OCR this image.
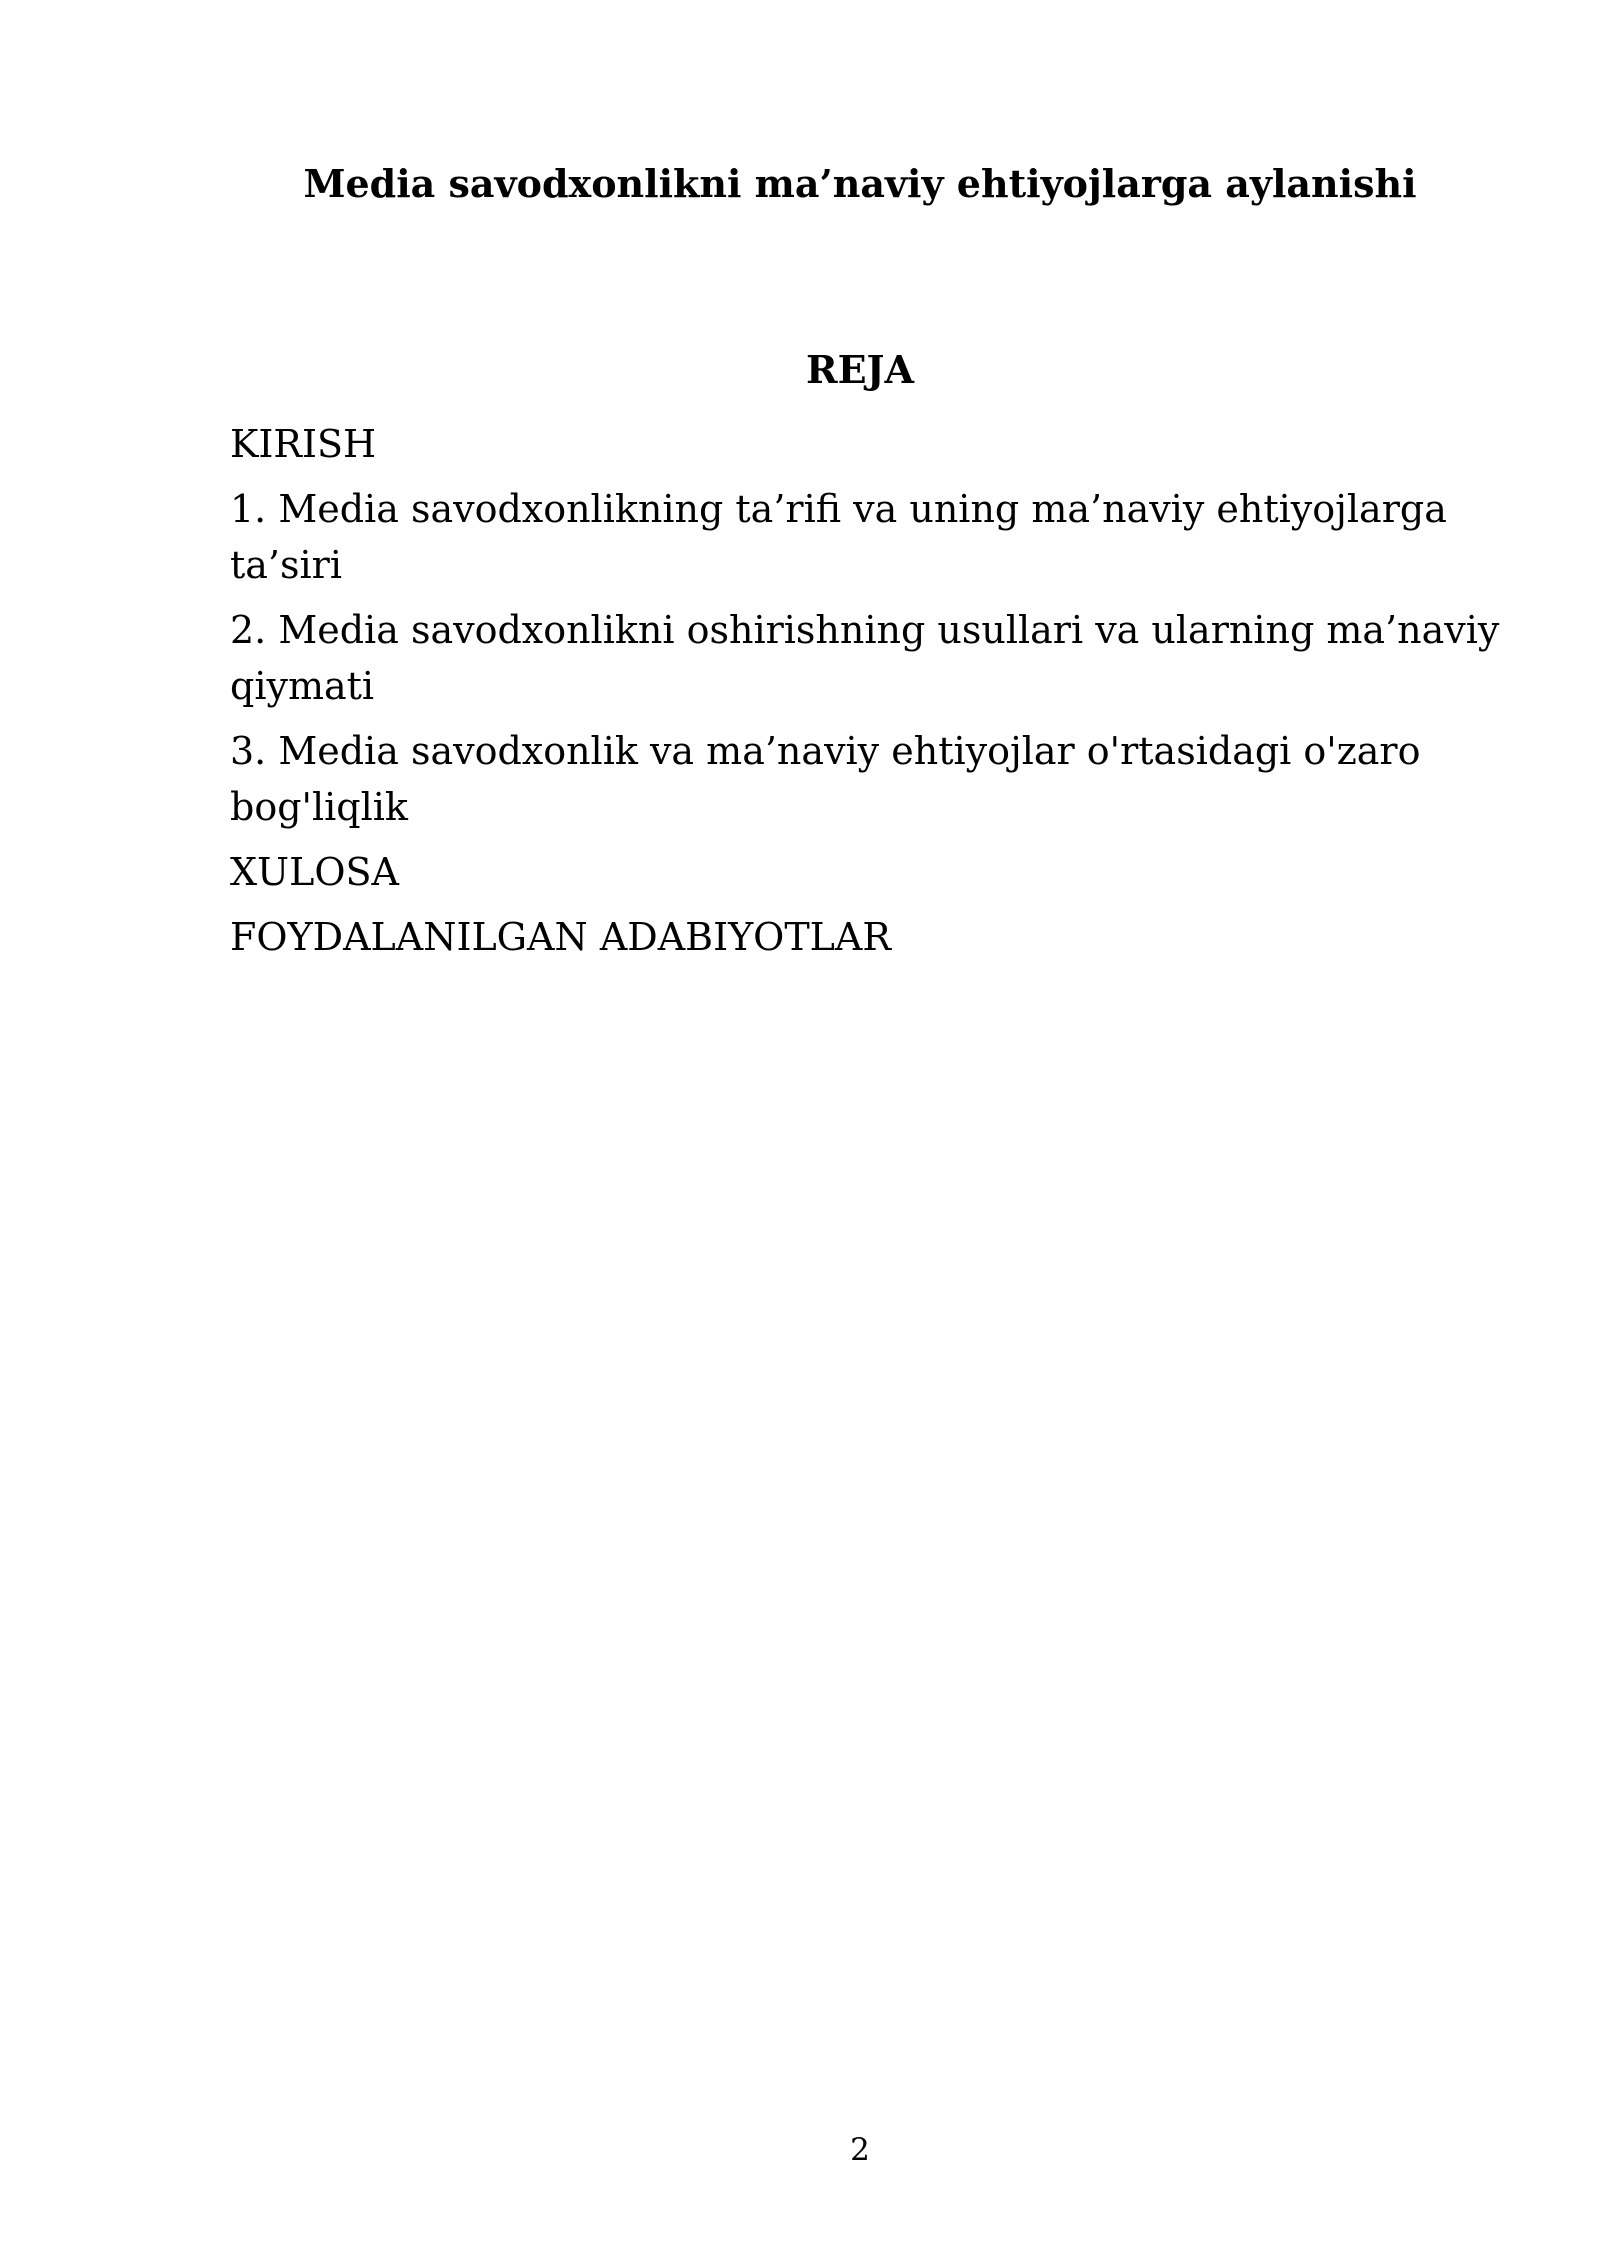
Media savodxonlikni ma’naviy ehtiyojlarga aylanishi
REJA
KIRISH
1. Media savodxonlikning ta’rifi va uning ma’naviy ehtiyojlarga ta’siri
2. Media savodxonlikni oshirishning usullari va ularning ma’naviy qiymati
3. Media savodxonlik va ma’naviy ehtiyojlar o'rtasidagi o'zaro bog'liqlik
XULOSA
FOYDALANILGAN ADABIYOTLAR
2
